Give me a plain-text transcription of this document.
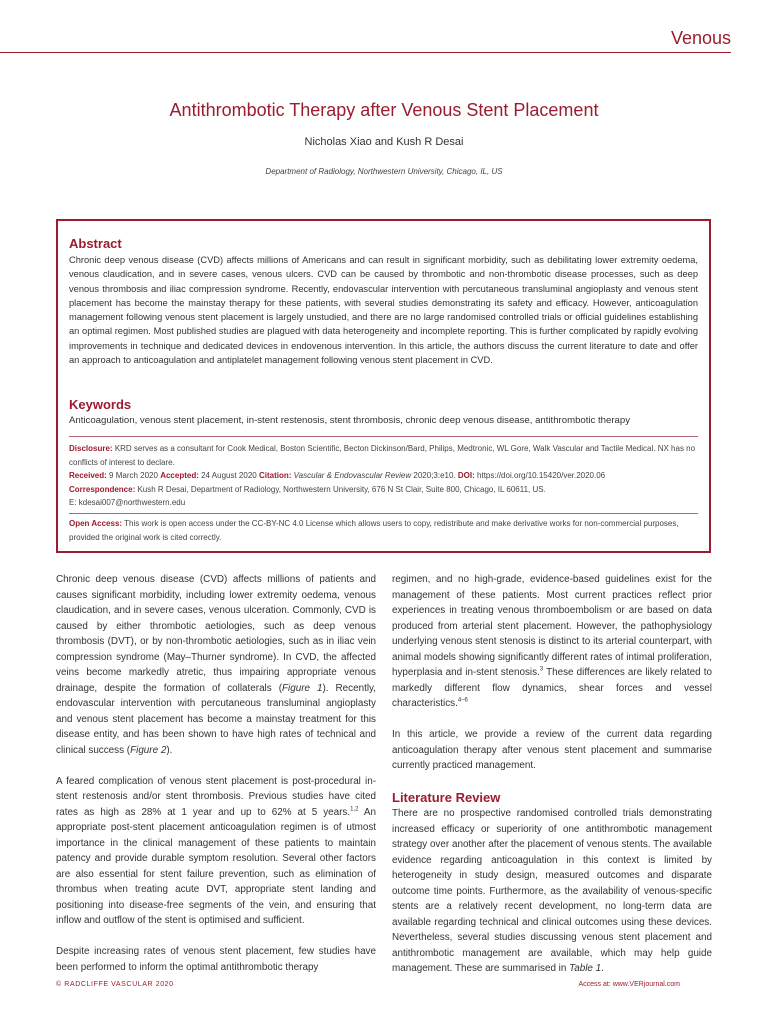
Venous
Antithrombotic Therapy after Venous Stent Placement
Nicholas Xiao and Kush R Desai
Department of Radiology, Northwestern University, Chicago, IL, US
Abstract

Chronic deep venous disease (CVD) affects millions of Americans and can result in significant morbidity, such as debilitating lower extremity oedema, venous claudication, and in severe cases, venous ulcers. CVD can be caused by thrombotic and non-thrombotic disease processes, such as deep venous thrombosis and iliac compression syndrome. Recently, endovascular intervention with percutaneous transluminal angioplasty and venous stent placement has become the mainstay therapy for these patients, with several studies demonstrating its safety and efficacy. However, anticoagulation management following venous stent placement is largely unstudied, and there are no large randomised controlled trials or official guidelines establishing an optimal regimen. Most published studies are plagued with data heterogeneity and incomplete reporting. This is further complicated by rapidly evolving improvements in technique and dedicated devices in endovenous intervention. In this article, the authors discuss the current literature to date and offer an approach to anticoagulation and antiplatelet management following venous stent placement in CVD.

Keywords

Anticoagulation, venous stent placement, in-stent restenosis, stent thrombosis, chronic deep venous disease, antithrombotic therapy

Disclosure: KRD serves as a consultant for Cook Medical, Boston Scientific, Becton Dickinson/Bard, Philips, Medtronic, WL Gore, Walk Vascular and Tactile Medical. NX has no conflicts of interest to declare.
Received: 9 March 2020 Accepted: 24 August 2020 Citation: Vascular & Endovascular Review 2020;3:e10. DOI: https://doi.org/10.15420/ver.2020.06
Correspondence: Kush R Desai, Department of Radiology, Northwestern University, 676 N St Clair, Suite 800, Chicago, IL 60611, US.
E: kdesai007@northwestern.edu

Open Access: This work is open access under the CC-BY-NC 4.0 License which allows users to copy, redistribute and make derivative works for non-commercial purposes, provided the original work is cited correctly.

Chronic deep venous disease (CVD) affects millions of patients and causes significant morbidity, including lower extremity oedema, venous claudication, and in severe cases, venous ulceration. Commonly, CVD is caused by either thrombotic aetiologies, such as deep venous thrombosis (DVT), or by non-thrombotic aetiologies, such as in iliac vein compression syndrome (May–Thurner syndrome). In CVD, the affected veins become markedly atretic, thus impairing appropriate venous drainage, despite the formation of collaterals (Figure 1). Recently, endovascular intervention with percutaneous transluminal angioplasty and venous stent placement has become a mainstay treatment for this disease entity, and has been shown to have high rates of technical and clinical success (Figure 2).

A feared complication of venous stent placement is post-procedural in-stent restenosis and/or stent thrombosis. Previous studies have cited rates as high as 28% at 1 year and up to 62% at 5 years.$^{1,2}$ An appropriate post-stent placement anticoagulation regimen is of utmost importance in the clinical management of these patients to maintain patency and provide durable symptom resolution. Several other factors are also essential for stent failure prevention, such as elimination of thrombus when treating acute DVT, appropriate stent landing and positioning into disease-free segments of the vein, and ensuring that inflow and outflow of the stent is optimised and sufficient.

Despite increasing rates of venous stent placement, few studies have been performed to inform the optimal antithrombotic therapy

regimen, and no high-grade, evidence-based guidelines exist for the management of these patients. Most current practices reflect prior experiences in treating venous thromboembolism or are based on data produced from arterial stent placement. However, the pathophysiology underlying venous stent stenosis is distinct to its arterial counterpart, with animal models showing significantly different rates of intimal proliferation, hyperplasia and in-stent stenosis.$^3$ These differences are likely related to markedly different flow dynamics, shear forces and vessel characteristics.$^{4-6}$

In this article, we provide a review of the current data regarding anticoagulation therapy after venous stent placement and summarise currently practiced management.

Literature Review

There are no prospective randomised controlled trials demonstrating increased efficacy or superiority of one antithrombotic management strategy over another after the placement of venous stents. The available evidence regarding anticoagulation in this context is limited by heterogeneity in study design, measured outcomes and disparate outcome time points. Furthermore, as the availability of venous-specific stents are a relatively recent development, no long-term data are available regarding technical and clinical outcomes using these devices. Nevertheless, several studies discussing venous stent placement and antithrombotic management are available, which may help guide management. These are summarised in Table 1.

© RADCLIFFE VASCULAR 2020	Access at: www.VERjournal.com
